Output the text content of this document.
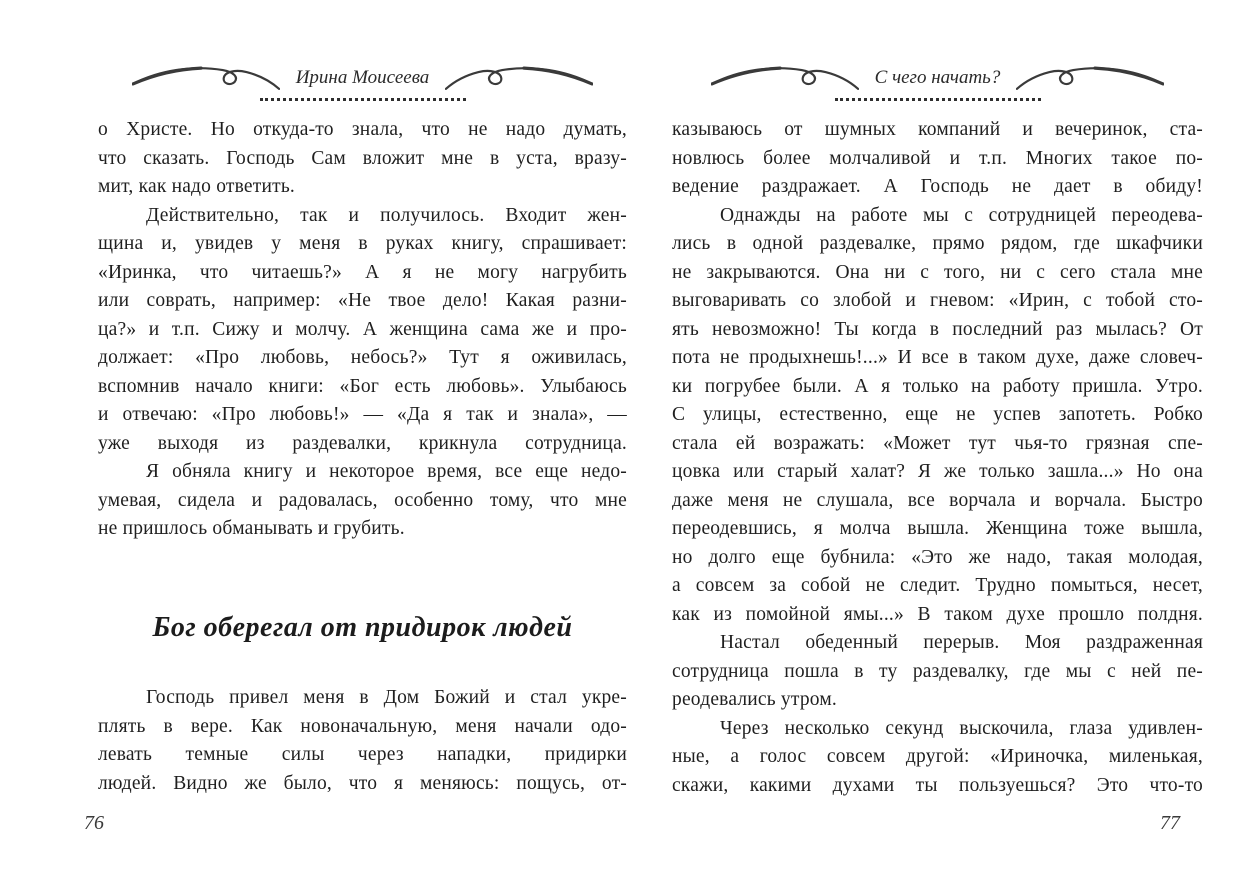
Ирина Моисеева
о Христе. Но откуда-то знала, что не надо думать,
что сказать. Господь Сам вложит мне в уста, вразу-
мит, как надо ответить.
Действительно, так и получилось. Входит жен-
щина и, увидев у меня в руках книгу, спрашивает:
«Иринка, что читаешь?» А я не могу нагрубить
или соврать, например: «Не твое дело! Какая разни-
ца?» и т.п. Сижу и молчу. А женщина сама же и про-
должает: «Про любовь, небось?» Тут я оживилась,
вспомнив начало книги: «Бог есть любовь». Улыбаюсь
и отвечаю: «Про любовь!» — «Да я так и знала», —
уже выходя из раздевалки, крикнула сотрудница.
Я обняла книгу и некоторое время, все еще недо-
умевая, сидела и радовалась, особенно тому, что мне
не пришлось обманывать и грубить.
Бог оберегал от придирок людей
Господь привел меня в Дом Божий и стал укре-
плять в вере. Как новоначальную, меня начали одо-
левать темные силы через нападки, придирки
людей. Видно же было, что я меняюсь: пощусь, от-
С чего начать?
казываюсь от шумных компаний и вечеринок, ста-
новлюсь более молчаливой и т.п. Многих такое по-
ведение раздражает. А Господь не дает в обиду!
Однажды на работе мы с сотрудницей переодева-
лись в одной раздевалке, прямо рядом, где шкафчики
не закрываются. Она ни с того, ни с сего стала мне
выговаривать со злобой и гневом: «Ирин, с тобой сто-
ять невозможно! Ты когда в последний раз мылась? От
пота не продыхнешь!...» И все в таком духе, даже словеч-
ки погрубее были. А я только на работу пришла. Утро.
С улицы, естественно, еще не успев запотеть. Робко
стала ей возражать: «Может тут чья-то грязная спе-
цовка или старый халат? Я же только зашла...» Но она
даже меня не слушала, все ворчала и ворчала. Быстро
переодевшись, я молча вышла. Женщина тоже вышла,
но долго еще бубнила: «Это же надо, такая молодая,
а совсем за собой не следит. Трудно помыться, несет,
как из помойной ямы...» В таком духе прошло полдня.
Настал обеденный перерыв. Моя раздраженная
сотрудница пошла в ту раздевалку, где мы с ней пе-
реодевались утром.
Через несколько секунд выскочила, глаза удивлен-
ные, а голос совсем другой: «Ириночка, миленькая,
скажи, какими духами ты пользуешься? Это что-то
76	77
